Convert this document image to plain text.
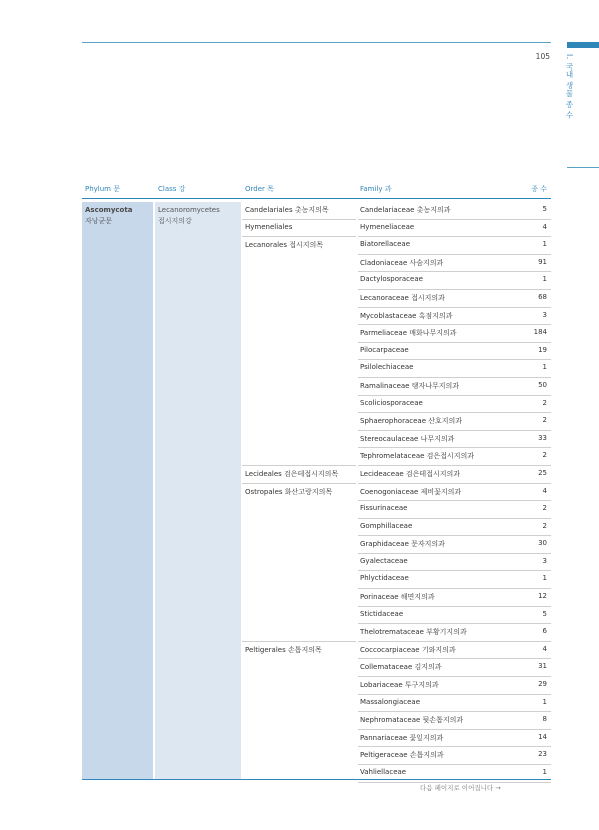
105 I. 국내 생물 종 수
Phylum 문	Class 강	Order 목	Family 과	종 수
Ascomycota
자낭균문
Lecanoromycetes
접시지의강
Candelariales 촛농지의목	Candelariaceae 촛농지의과	5
Hymeneliales	Hymeneliaceae	4
Lecanorales 접시지의목	Biatorellaceae	1
Cladoniaceae 사슴지의과	91
Dactylosporaceae	1
Lecanoraceae 접시지의과	68
Mycoblastaceae 흑점지의과	3
Parmeliaceae 매화나무지의과	184
Pilocarpaceae	19
Psilolechiaceae	1
Ramalinaceae 탱자나무지의과	50
Scoliciosporaceae	2
Sphaerophoraceae 산호지의과	2
Stereocaulaceae 나무지의과	33
Tephromelataceae 검은접시지의과	2
Lecideales 검은테접시지의목	Lecideaceae 검은테접시지의과	25
Ostropales 화산고랑지의목	Coenogoniaceae 제비꽃지의과	4
Fissurinaceae	2
Gomphillaceae	2
Graphidaceae 문자지의과	30
Gyalectaceae	3
Phlyctidaceae	1
Porinaceae 해면지의과	12
Stictidaceae	5
Thelotremataceae 부황기지의과	6
Peltigerales 손톱지의목	Coccocarpiaceae 기와지의과	4
Collemataceae 김지의과	31
Lobariaceae 투구지의과	29
Massalongiaceae	1
Nephromataceae 뒷손톱지의과	8
Pannariaceae 꽃잎지의과	14
Peltigeraceae 손톱지의과	23
Vahliellaceae	1
다음 페이지로 이어집니다 →
